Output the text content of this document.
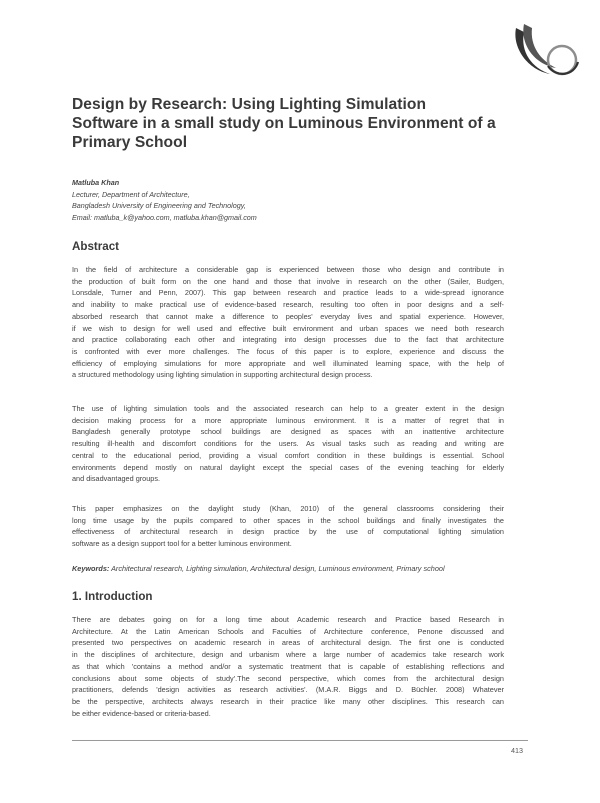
Design by Research: Using Lighting Simulation
Software in a small study on Luminous Environment of a
Primary School
Matluba Khan
Lecturer, Department of Architecture,
Bangladesh University of Engineering and Technology,
Email: matluba_k@yahoo.com, matluba.khan@gmail.com
Abstract
In the field of architecture a considerable gap is experienced between those who design and contribute in
the production of built form on the one hand and those that involve in research on the other (Sailer, Budgen,
Lonsdale, Turner and Penn, 2007). This gap between research and practice leads to a wide-spread ignorance
and inability to make practical use of evidence-based research, resulting too often in poor designs and a self-
absorbed research that cannot make a difference to peoples' everyday lives and spatial experience. However,
if we wish to design for well used and effective built environment and urban spaces we need both research
and practice collaborating each other and integrating into design processes due to the fact that architecture
is confronted with ever more challenges. The focus of this paper is to explore, experience and discuss the
efficiency of employing simulations for more appropriate and well illuminated learning space, with the help of
a structured methodology using lighting simulation in supporting architectural design process.
The use of lighting simulation tools and the associated research can help to a greater extent in the design
decision making process for a more appropriate luminous environment. It is a matter of regret that in
Bangladesh generally prototype school buildings are designed as spaces with an inattentive architecture
resulting ill-health and discomfort conditions for the users. As visual tasks such as reading and writing are
central to the educational period, providing a visual comfort condition in these buildings is essential. School
environments depend mostly on natural daylight except the special cases of the evening teaching for elderly
and disadvantaged groups.
This paper emphasizes on the daylight study (Khan, 2010) of the general classrooms considering their
long time usage by the pupils compared to other spaces in the school buildings and finally investigates the
effectiveness of architectural research in design practice by the use of computational lighting simulation
software as a design support tool for a better luminous environment.

Keywords: Architectural research, Lighting simulation, Architectural design, Luminous environment, Primary school

1. Introduction
There are debates going on for a long time about Academic research and Practice based Research in
Architecture. At the Latin American Schools and Faculties of Architecture conference, Penone discussed and
presented two perspectives on academic research in areas of architectural design. The first one is conducted
in the disciplines of architecture, design and urbanism where a large number of academics take research work
as that which 'contains a method and/or a systematic treatment that is capable of establishing reflections and
conclusions about some objects of study'.The second perspective, which comes from the architectural design
practitioners, defends 'design activities as research activities'. (M.A.R. Biggs and D. Büchler. 2008) Whatever
be the perspective, architects always research in their practice like many other disciplines. This research can
be either evidence-based or criteria-based.
413
